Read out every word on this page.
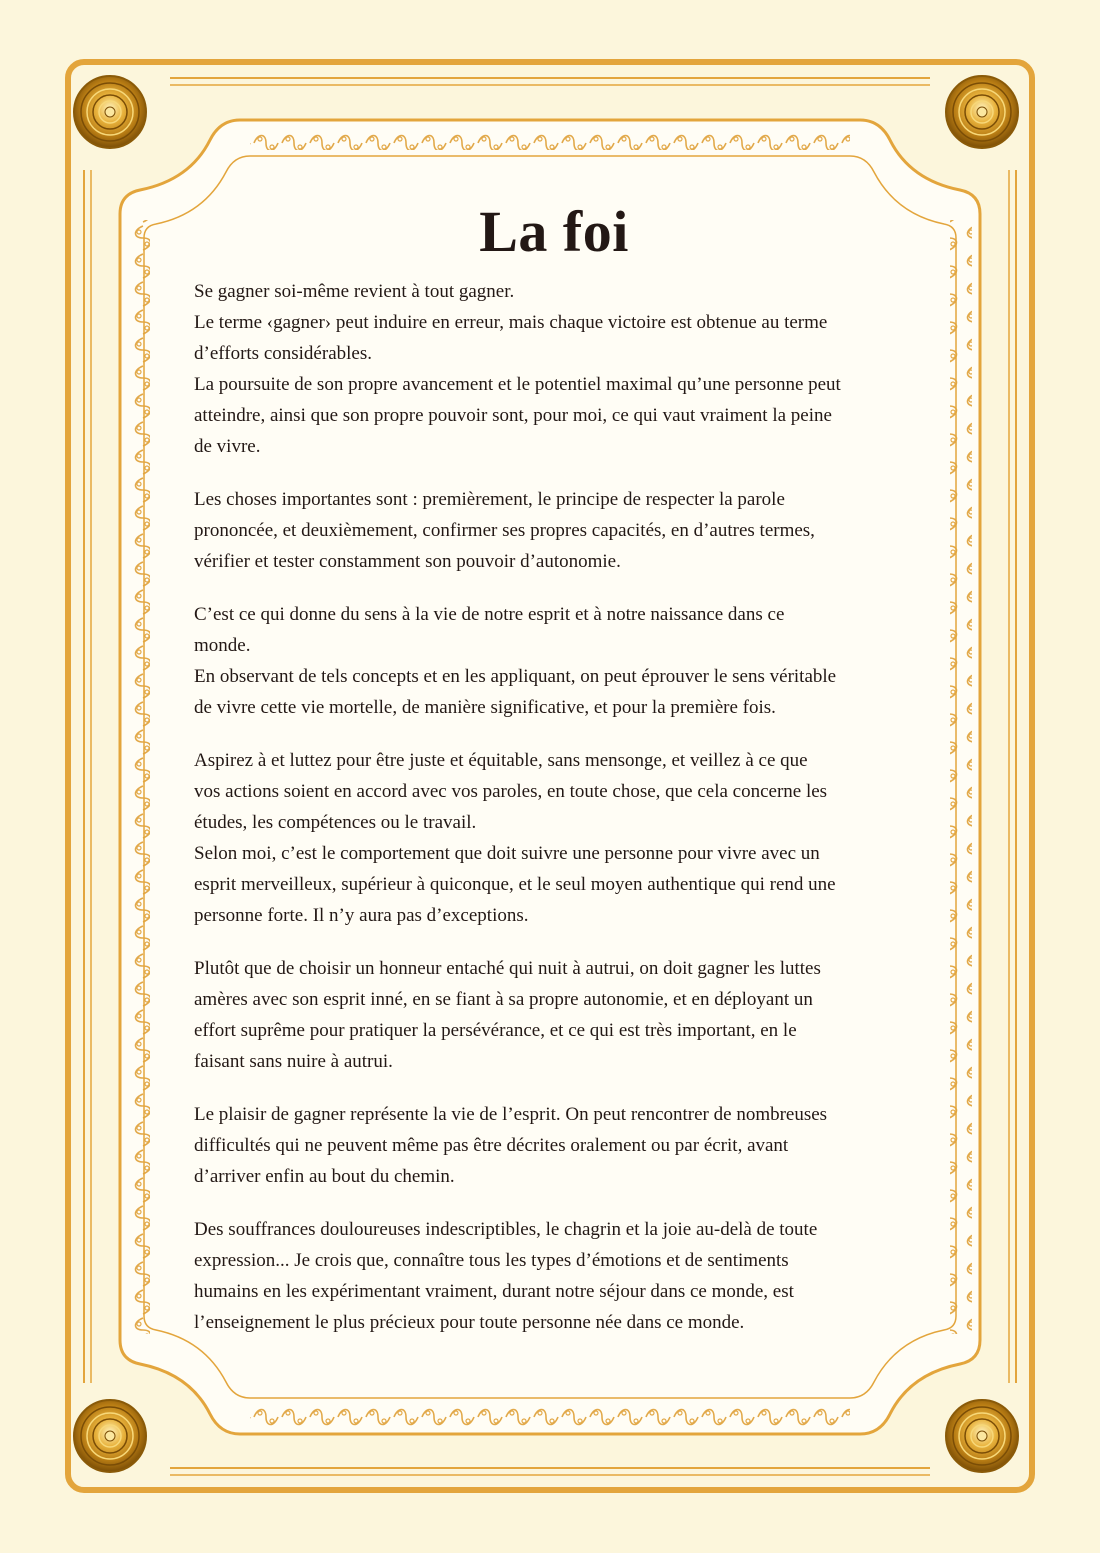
La foi

Se gagner soi-même revient à tout gagner.
Le terme ‹gagner› peut induire en erreur, mais chaque victoire est obtenue au terme
d’efforts considérables.
La poursuite de son propre avancement et le potentiel maximal qu’une personne peut
atteindre, ainsi que son propre pouvoir sont, pour moi, ce qui vaut vraiment la peine
de vivre.

Les choses importantes sont : premièrement, le principe de respecter la parole
prononcée, et deuxièmement, confirmer ses propres capacités, en d’autres termes,
vérifier et tester constamment son pouvoir d’autonomie.

C’est ce qui donne du sens à la vie de notre esprit et à notre naissance dans ce
monde.
En observant de tels concepts et en les appliquant, on peut éprouver le sens véritable
de vivre cette vie mortelle, de manière significative, et pour la première fois.

Aspirez à et luttez pour être juste et équitable, sans mensonge, et veillez à ce que
vos actions soient en accord avec vos paroles, en toute chose, que cela concerne les
études, les compétences ou le travail.
Selon moi, c’est le comportement que doit suivre une personne pour vivre avec un
esprit merveilleux, supérieur à quiconque, et le seul moyen authentique qui rend une
personne forte. Il n’y aura pas d’exceptions.

Plutôt que de choisir un honneur entaché qui nuit à autrui, on doit gagner les luttes
amères avec son esprit inné, en se fiant à sa propre autonomie, et en déployant un
effort suprême pour pratiquer la persévérance, et ce qui est très important, en le
faisant sans nuire à autrui.

Le plaisir de gagner représente la vie de l’esprit. On peut rencontrer de nombreuses
difficultés qui ne peuvent même pas être décrites oralement ou par écrit, avant
d’arriver enfin au bout du chemin.

Des souffrances douloureuses indescriptibles, le chagrin et la joie au-delà de toute
expression... Je crois que, connaître tous les types d’émotions et de sentiments
humains en les expérimentant vraiment, durant notre séjour dans ce monde, est
l’enseignement le plus précieux pour toute personne née dans ce monde.
